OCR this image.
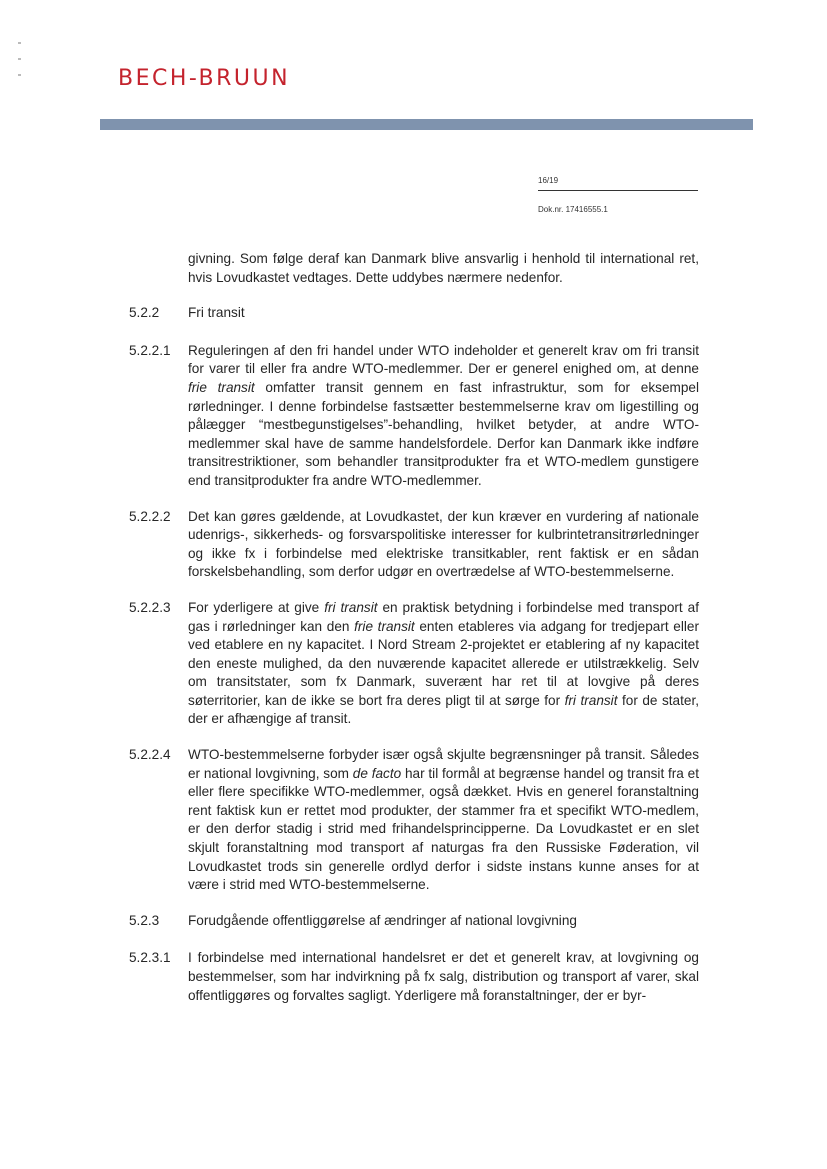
BECH-BRUUN
16/19
Dok.nr. 17416555.1
givning. Som følge deraf kan Danmark blive ansvarlig i henhold til international ret, hvis Lovudkastet vedtages. Dette uddybes nærmere nedenfor.
5.2.2	Fri transit
5.2.2.1	Reguleringen af den fri handel under WTO indeholder et generelt krav om fri transit for varer til eller fra andre WTO-medlemmer. Der er generel enighed om, at denne frie transit omfatter transit gennem en fast infrastruktur, som for eksempel rørledninger. I denne forbindelse fastsætter bestemmelserne krav om ligestilling og pålægger “mestbegunstigelses”-behandling, hvilket betyder, at andre WTO-medlemmer skal have de samme handelsfordele. Derfor kan Danmark ikke indføre transitrestriktioner, som behandler transitprodukter fra et WTO-medlem gunstigere end transitprodukter fra andre WTO-medlemmer.
5.2.2.2	Det kan gøres gældende, at Lovudkastet, der kun kræver en vurdering af nationale udenrigs-, sikkerheds- og forsvarspolitiske interesser for kulbrintetransitrørledninger og ikke fx i forbindelse med elektriske transitkabler, rent faktisk er en sådan forskelsbehandling, som derfor udgør en overtrædelse af WTO-bestemmelserne.
5.2.2.3	For yderligere at give fri transit en praktisk betydning i forbindelse med transport af gas i rørledninger kan den frie transit enten etableres via adgang for tredjepart eller ved etablere en ny kapacitet. I Nord Stream 2-projektet er etablering af ny kapacitet den eneste mulighed, da den nuværende kapacitet allerede er utilstrækkelig. Selv om transitstater, som fx Danmark, suverænt har ret til at lovgive på deres søterritorier, kan de ikke se bort fra deres pligt til at sørge for fri transit for de stater, der er afhængige af transit.
5.2.2.4	WTO-bestemmelserne forbyder især også skjulte begrænsninger på transit. Således er national lovgivning, som de facto har til formål at begrænse handel og transit fra et eller flere specifikke WTO-medlemmer, også dækket. Hvis en generel foranstaltning rent faktisk kun er rettet mod produkter, der stammer fra et specifikt WTO-medlem, er den derfor stadig i strid med frihandelsprincipperne. Da Lovudkastet er en slet skjult foranstaltning mod transport af naturgas fra den Russiske Føderation, vil Lovudkastet trods sin generelle ordlyd derfor i sidste instans kunne anses for at være i strid med WTO-bestemmelserne.
5.2.3	Forudgående offentliggørelse af ændringer af national lovgivning
5.2.3.1	I forbindelse med international handelsret er det et generelt krav, at lovgivning og bestemmelser, som har indvirkning på fx salg, distribution og transport af varer, skal offentliggøres og forvaltes sagligt. Yderligere må foranstaltninger, der er byr-
